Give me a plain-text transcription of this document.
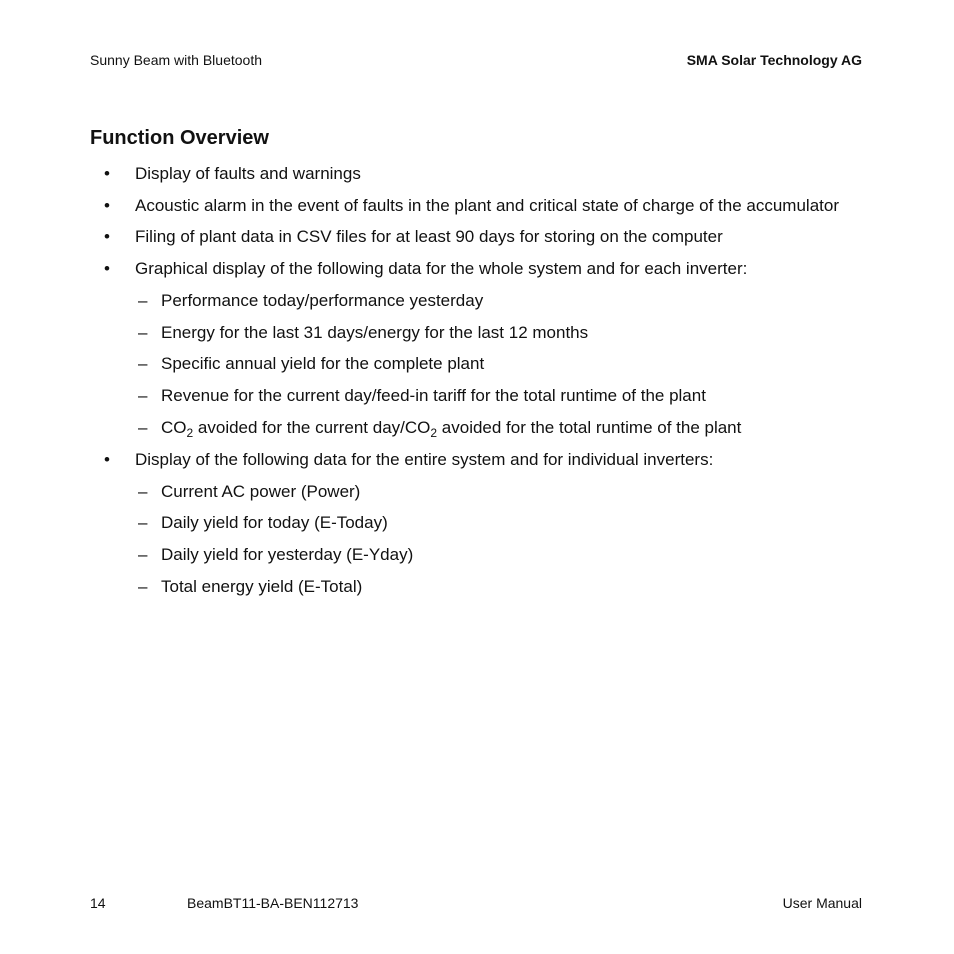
Sunny Beam with Bluetooth	SMA Solar Technology AG
Function Overview
• Display of faults and warnings
• Acoustic alarm in the event of faults in the plant and critical state of charge of the accumulator
• Filing of plant data in CSV files for at least 90 days for storing on the computer
• Graphical display of the following data for the whole system and for each inverter:
– Performance today/performance yesterday
– Energy for the last 31 days/energy for the last 12 months
– Specific annual yield for the complete plant
– Revenue for the current day/feed-in tariff for the total runtime of the plant
– $CO_2$ avoided for the current day/$CO_2$ avoided for the total runtime of the plant
• Display of the following data for the entire system and for individual inverters:
– Current AC power (Power)
– Daily yield for today (E-Today)
– Daily yield for yesterday (E-Yday)
– Total energy yield (E-Total)
14	BeamBT11-BA-BEN112713	User Manual
